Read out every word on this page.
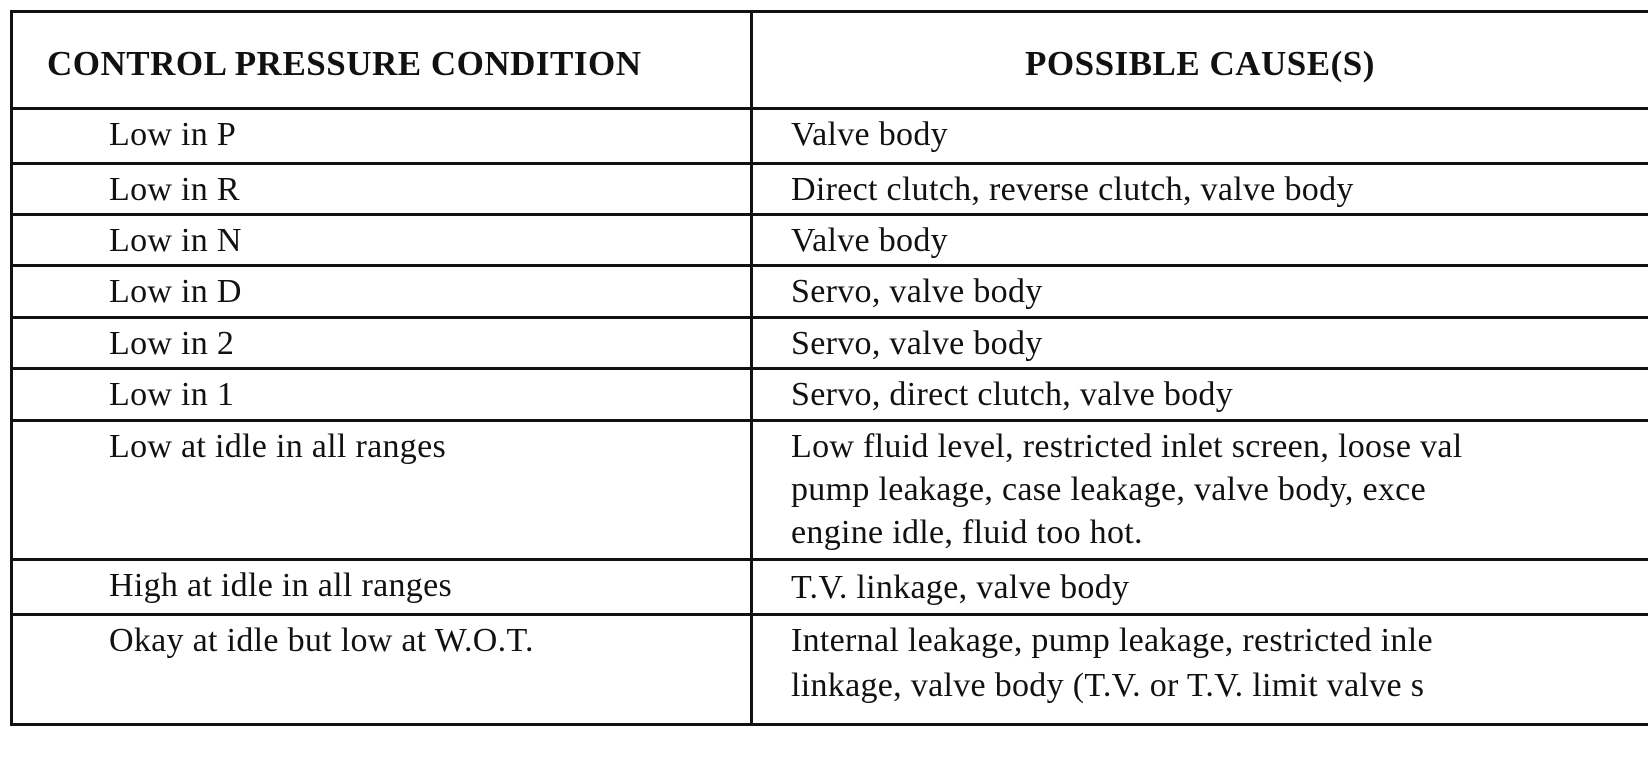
CONTROL PRESSURE CONDITION	POSSIBLE CAUSE(S)
Low in P	Valve body
Low in R	Direct clutch, reverse clutch, valve body
Low in N	Valve body
Low in D	Servo, valve body
Low in 2	Servo, valve body
Low in 1	Servo, direct clutch, valve body
Low at idle in all ranges	Low fluid level, restricted inlet screen, loose val
pump leakage, case leakage, valve body, exce
engine idle, fluid too hot.
High at idle in all ranges	T.V. linkage, valve body
Okay at idle but low at W.O.T.	Internal leakage, pump leakage, restricted inle
linkage, valve body (T.V. or T.V. limit valve s
